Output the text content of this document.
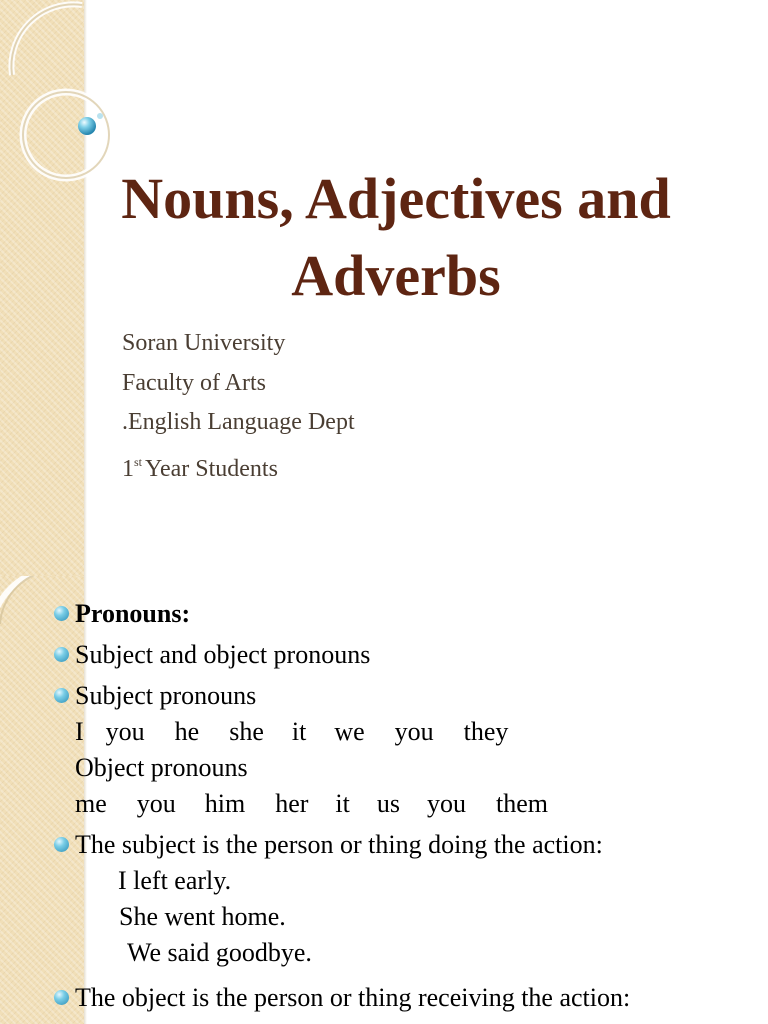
Nouns, Adjectives and Adverbs
Soran University
Faculty of Arts
.English Language Dept
1st Year Students
Pronouns:
Subject and object pronouns
Subject pronouns
I you he she it we you they
Object pronouns
me you him her it us you them
The subject is the person or thing doing the action:
I left early.
She went home.
We said goodbye.
The object is the person or thing receiving the action:
